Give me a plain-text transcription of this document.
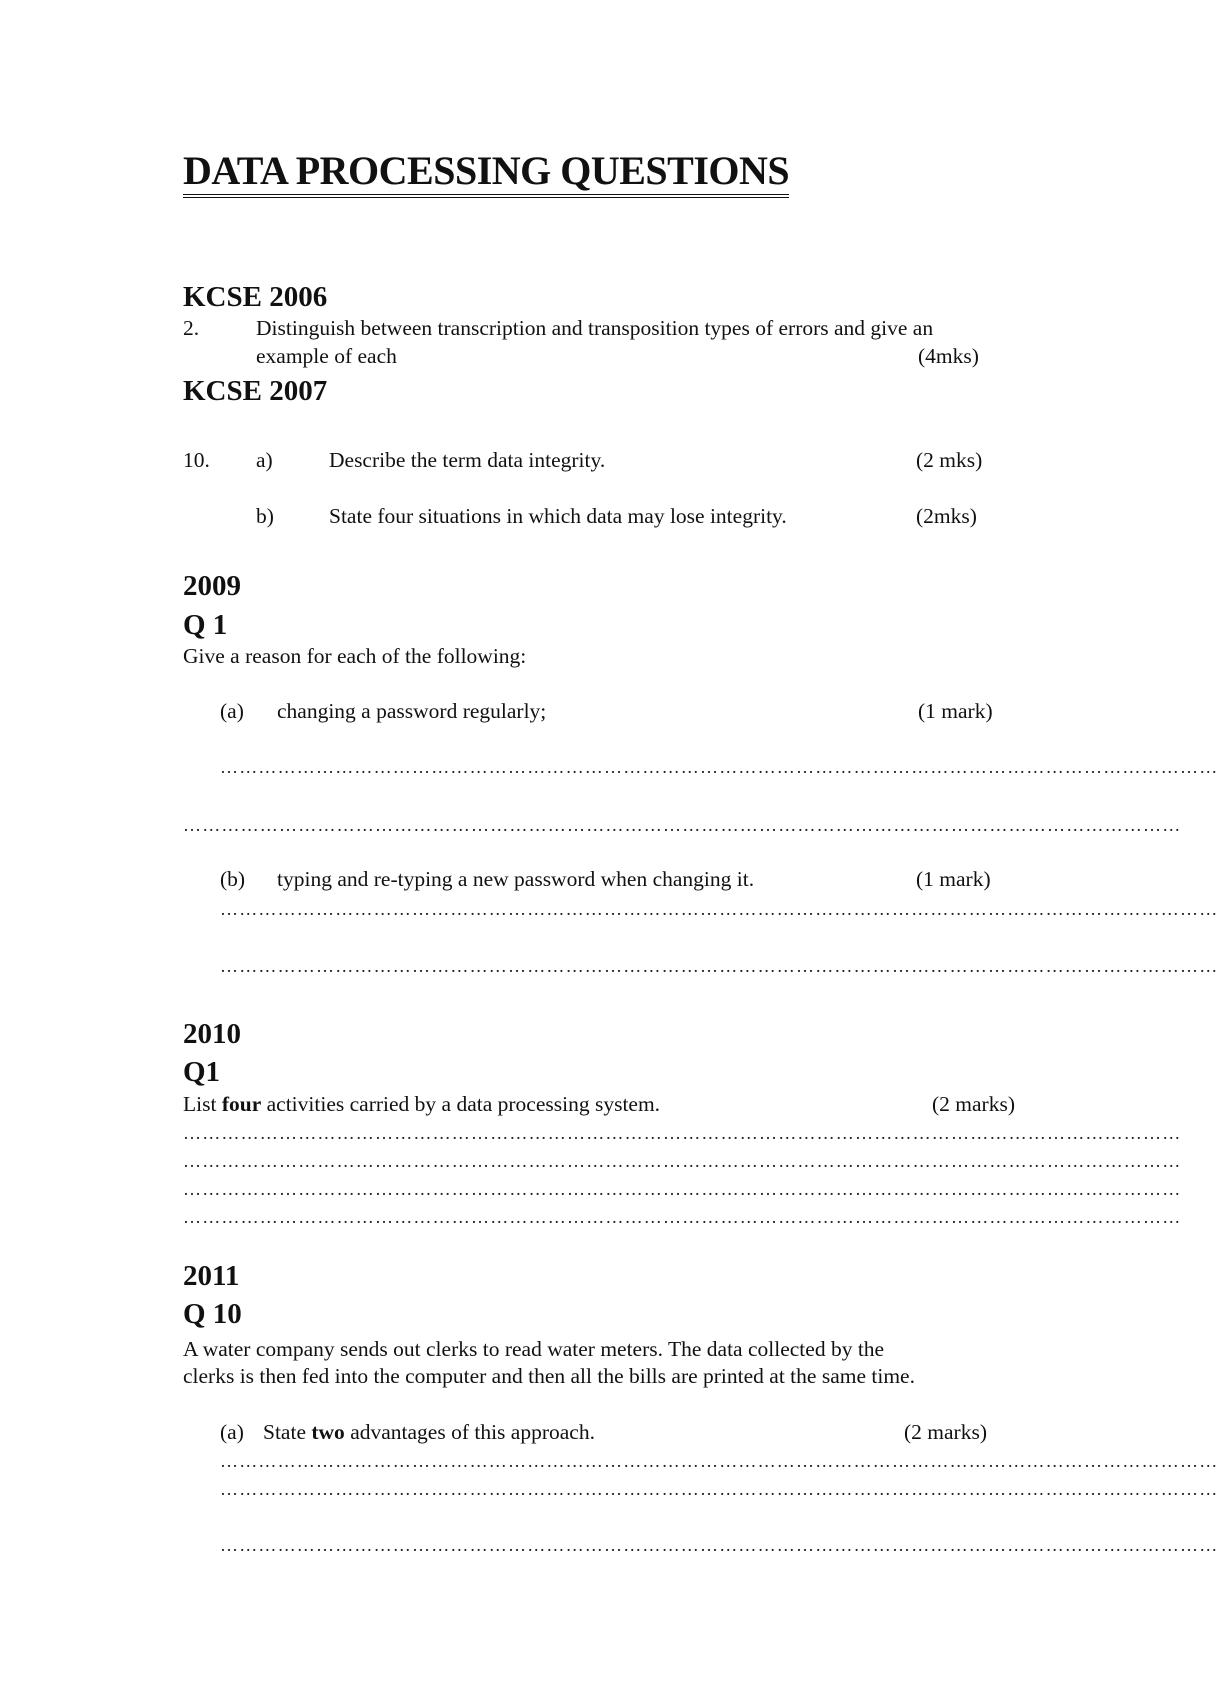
DATA PROCESSING QUESTIONS
KCSE 2006
2.	Distinguish between transcription and transposition types of errors and give an
example of each	(4mks)
KCSE 2007
10. a)	Describe the term data integrity.	(2 mks)
b)	State four situations in which data may lose integrity.	(2mks)
2009
Q 1
Give a reason for each of the following:
(a) changing a password regularly;	(1 mark)
…………………………………………………………………………………………………………………………………………
…………………………………………………………………………………………………………………………………………
(b) typing and re-typing a new password when changing it.	(1 mark)
…………………………………………………………………………………………………………………………………………
…………………………………………………………………………………………………………………………………………
2010
Q1
List four activities carried by a data processing system.	(2 marks)
…………………………………………………………………………………………………………………………………………
…………………………………………………………………………………………………………………………………………
…………………………………………………………………………………………………………………………………………
…………………………………………………………………………………………………………………………………………
2011
Q 10
A water company sends out clerks to read water meters. The data collected by the
clerks is then fed into the computer and then all the bills are printed at the same time.
(a) State two advantages of this approach.	(2 marks)
…………………………………………………………………………………………………………………………………………
…………………………………………………………………………………………………………………………………………
…………………………………………………………………………………………………………………………………………
